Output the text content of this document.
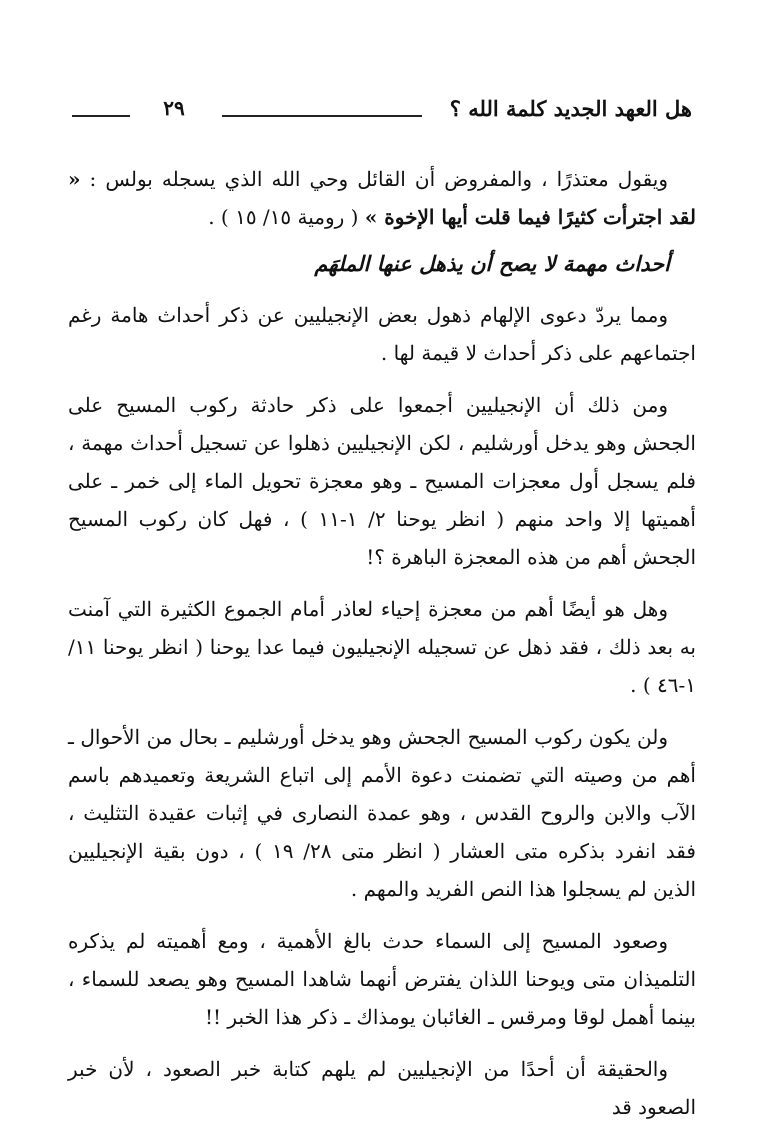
هل العهد الجديد كلمة الله ؟
٢٩

ويقول معتذرًا ، والمفروض أن القائل وحي الله الذي يسجله بولس : « لقد اجترأت كثيرًا فيما قلت أيها الإخوة » ( رومية ١٥/ ١٥ ) .

أحداث مهمة لا يصح أن يذهل عنها الملهَم

ومما يردّ دعوى الإلهام ذهول بعض الإنجيليين عن ذكر أحداث هامة رغم اجتماعهم على ذكر أحداث لا قيمة لها .

ومن ذلك أن الإنجيليين أجمعوا على ذكر حادثة ركوب المسيح على الجحش وهو يدخل أورشليم ، لكن الإنجيليين ذهلوا عن تسجيل أحداث مهمة ، فلم يسجل أول معجزات المسيح ـ وهو معجزة تحويل الماء إلى خمر ـ على أهميتها إلا واحد منهم ( انظر يوحنا ٢/ ١-١١ ) ، فهل كان ركوب المسيح الجحش أهم من هذه المعجزة الباهرة ؟!

وهل هو أيضًا أهم من معجزة إحياء لعاذر أمام الجموع الكثيرة التي آمنت به بعد ذلك ، فقد ذهل عن تسجيله الإنجيليون فيما عدا يوحنا ( انظر يوحنا ١١/ ١-٤٦ ) .

ولن يكون ركوب المسيح الجحش وهو يدخل أورشليم ـ بحال من الأحوال ـ أهم من وصيته التي تضمنت دعوة الأمم إلى اتباع الشريعة وتعميدهم باسم الآب والابن والروح القدس ، وهو عمدة النصارى في إثبات عقيدة التثليث ، فقد انفرد بذكره متى العشار ( انظر متى ٢٨/ ١٩ ) ، دون بقية الإنجيليين الذين لم يسجلوا هذا النص الفريد والمهم .

وصعود المسيح إلى السماء حدث بالغ الأهمية ، ومع أهميته لم يذكره التلميذان متى ويوحنا اللذان يفترض أنهما شاهدا المسيح وهو يصعد للسماء ، بينما أهمل لوقا ومرقس ـ الغائبان يومذاك ـ ذكر هذا الخبر !!

والحقيقة أن أحدًا من الإنجيليين لم يلهم كتابة خبر الصعود ، لأن خبر الصعود قد
